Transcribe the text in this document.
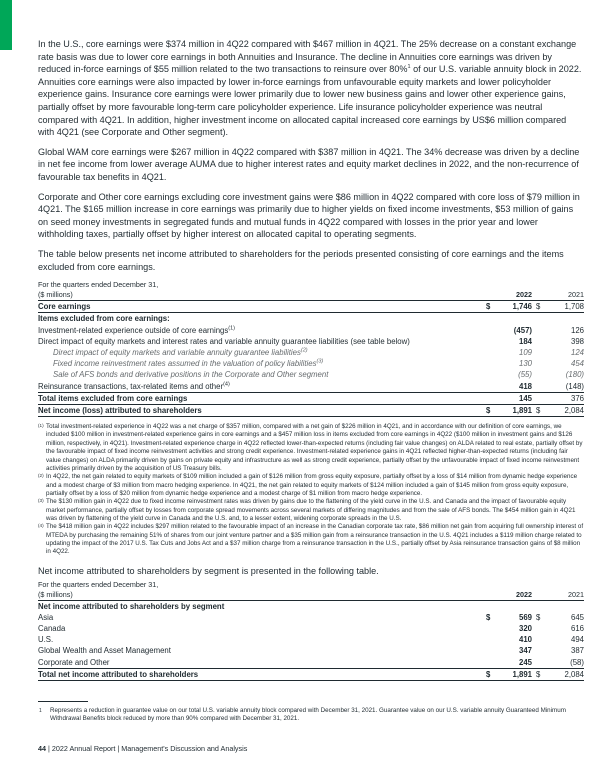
In the U.S., core earnings were $374 million in 4Q22 compared with $467 million in 4Q21. The 25% decrease on a constant exchange rate basis was due to lower core earnings in both Annuities and Insurance. The decline in Annuities core earnings was driven by reduced in-force earnings of $55 million related to the two transactions to reinsure over 80%$^1$ of our U.S. variable annuity block in 2022. Annuities core earnings were also impacted by lower in-force earnings from unfavourable equity markets and lower policyholder experience gains. Insurance core earnings were lower primarily due to lower new business gains and lower other experience gains, partially offset by more favourable long-term care policyholder experience. Life insurance policyholder experience was neutral compared with 4Q21. In addition, higher investment income on allocated capital increased core earnings by US$6 million compared with 4Q21 (see Corporate and Other segment).

Global WAM core earnings were $267 million in 4Q22 compared with $387 million in 4Q21. The 34% decrease was driven by a decline in net fee income from lower average AUMA due to higher interest rates and equity market declines in 2022, and the non-recurrence of favourable tax benefits in 4Q21.

Corporate and Other core earnings excluding core investment gains were $86 million in 4Q22 compared with core loss of $79 million in 4Q21. The $165 million increase in core earnings was primarily due to higher yields on fixed income investments, $53 million of gains on seed money investments in segregated funds and mutual funds in 4Q22 compared with losses in the prior year and lower withholding taxes, partially offset by higher interest on allocated capital to operating segments.

The table below presents net income attributed to shareholders for the periods presented consisting of core earnings and the items excluded from core earnings.

For the quarters ended December 31,
($ millions)		2022		2021
Core earnings	$	1,746	$	1,708
Items excluded from core earnings:				
Investment-related experience outside of core earnings$^{(1)}$		(457)		126
Direct impact of equity markets and interest rates and variable annuity guarantee liabilities (see table below)		184		398
Direct impact of equity markets and variable annuity guarantee liabilities$^{(2)}$		109		124
Fixed income reinvestment rates assumed in the valuation of policy liabilities$^{(3)}$		130		454
Sale of AFS bonds and derivative positions in the Corporate and Other segment		(55)		(180)
Reinsurance transactions, tax-related items and other$^{(4)}$		418		(148)
Total items excluded from core earnings		145		376
Net income (loss) attributed to shareholders	$	1,891	$	2,084

(1) Total investment-related experience in 4Q22 was a net charge of $357 million, compared with a net gain of $226 million in 4Q21, and in accordance with our definition of core earnings, we included $100 million in investment-related experience gains in core earnings and a $457 million loss in items excluded from core earnings in 4Q22 ($100 million in investment gains and $126 million, respectively, in 4Q21). Investment-related experience charge in 4Q22 reflected lower-than-expected returns (including fair value changes) on ALDA related to real estate, partially offset by the favourable impact of fixed income reinvestment activities and strong credit experience. Investment-related experience gains in 4Q21 reflected higher-than-expected returns (including fair value changes) on ALDA primarily driven by gains on private equity and infrastructure as well as strong credit experience, partially offset by the unfavourable impact of fixed income reinvestment activities primarily driven by the acquisition of US Treasury bills.

(2) In 4Q22, the net gain related to equity markets of $109 million included a gain of $126 million from gross equity exposure, partially offset by a loss of $14 million from dynamic hedge experience and a modest charge of $3 million from macro hedging experience. In 4Q21, the net gain related to equity markets of $124 million included a gain of $145 million from gross equity exposure, partially offset by a loss of $20 million from dynamic hedge experience and a modest charge of $1 million from macro hedge experience.

(3) The $130 million gain in 4Q22 due to fixed income reinvestment rates was driven by gains due to the flattening of the yield curve in the U.S. and Canada and the impact of favourable equity market performance, partially offset by losses from corporate spread movements across several markets of differing magnitudes and from the sale of AFS bonds. The $454 million gain in 4Q21 was driven by flattening of the yield curve in Canada and the U.S. and, to a lesser extent, widening corporate spreads in the U.S.

(4) The $418 million gain in 4Q22 includes $297 million related to the favourable impact of an increase in the Canadian corporate tax rate, $86 million net gain from acquiring full ownership interest of MTEDA by purchasing the remaining 51% of shares from our joint venture partner and a $35 million gain from a reinsurance transaction in the U.S. 4Q21 includes a $119 million charge related to updating the impact of the 2017 U.S. Tax Cuts and Jobs Act and a $37 million charge from a reinsurance transaction in the U.S., partially offset by Asia reinsurance transaction gains of $8 million in 4Q22.

Net income attributed to shareholders by segment is presented in the following table.

For the quarters ended December 31,
($ millions)		2022		2021
Net income attributed to shareholders by segment				
Asia	$	569	$	645
Canada		320		616
U.S.		410		494
Global Wealth and Asset Management		347		387
Corporate and Other		245		(58)
Total net income attributed to shareholders	$	1,891	$	2,084
1 Represents a reduction in guarantee value on our total U.S. variable annuity block compared with December 31, 2021. Guarantee value on our U.S. variable annuity Guaranteed Minimum Withdrawal Benefits block reduced by more than 90% compared with December 31, 2021.
44 | 2022 Annual Report | Management's Discussion and Analysis
